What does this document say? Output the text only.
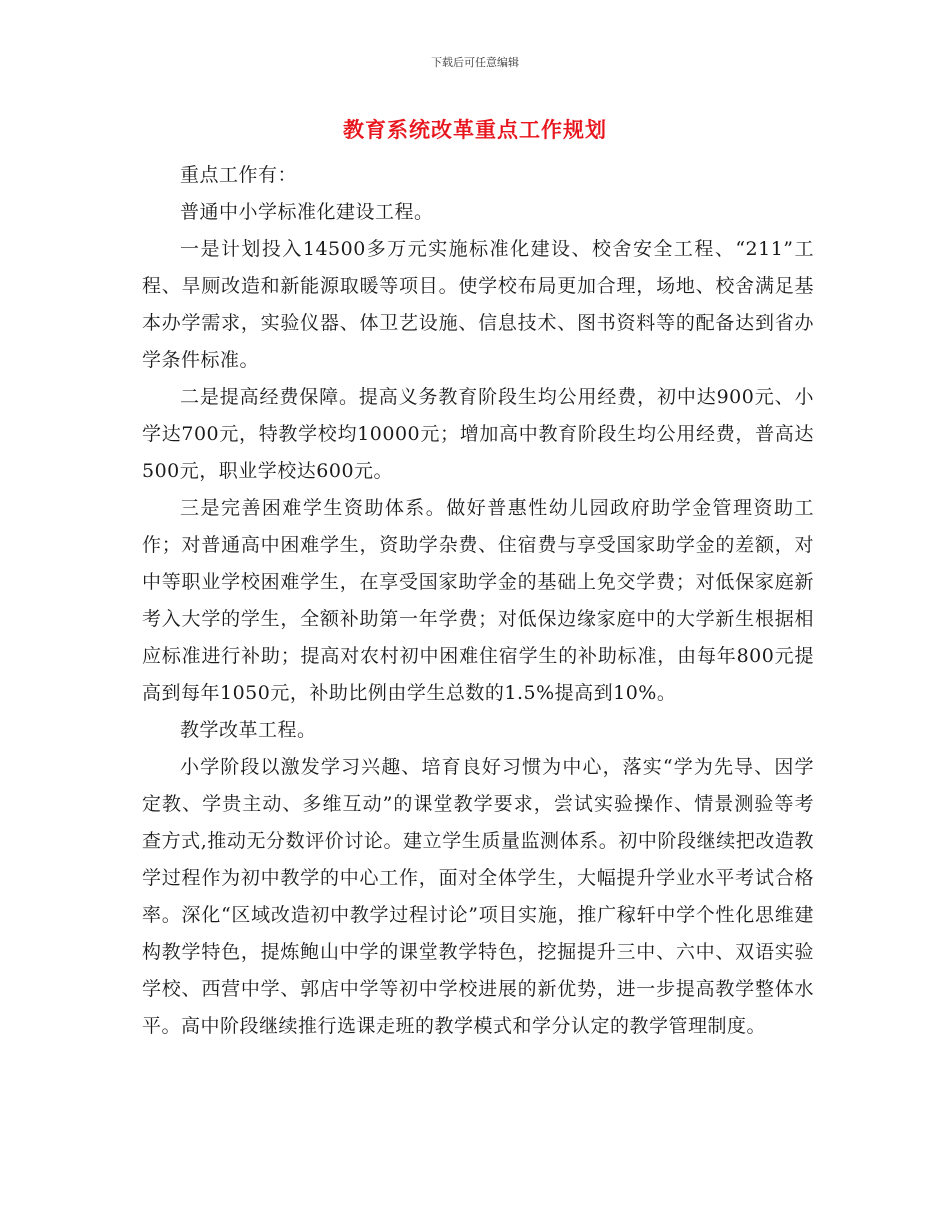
下载后可任意编辑
教育系统改革重点工作规划

重点工作有：

普通中小学标准化建设工程。

一是计划投入14500多万元实施标准化建设、校舍安全工程、“211”工程、旱厕改造和新能源取暖等项目。使学校布局更加合理，场地、校舍满足基本办学需求，实验仪器、体卫艺设施、信息技术、图书资料等的配备达到省办学条件标准。

二是提高经费保障。提高义务教育阶段生均公用经费，初中达900元、小学达700元，特教学校均10000元；增加高中教育阶段生均公用经费，普高达500元，职业学校达600元。

三是完善困难学生资助体系。做好普惠性幼儿园政府助学金管理资助工作；对普通高中困难学生，资助学杂费、住宿费与享受国家助学金的差额，对中等职业学校困难学生，在享受国家助学金的基础上免交学费；对低保家庭新考入大学的学生，全额补助第一年学费；对低保边缘家庭中的大学新生根据相应标准进行补助；提高对农村初中困难住宿学生的补助标准，由每年800元提高到每年1050元，补助比例由学生总数的1.5%提高到10%。

教学改革工程。

小学阶段以激发学习兴趣、培育良好习惯为中心，落实“学为先导、因学定教、学贵主动、多维互动”的课堂教学要求，尝试实验操作、情景测验等考查方式,推动无分数评价讨论。建立学生质量监测体系。初中阶段继续把改造教学过程作为初中教学的中心工作，面对全体学生，大幅提升学业水平考试合格率。深化“区域改造初中教学过程讨论”项目实施，推广稼轩中学个性化思维建构教学特色，提炼鲍山中学的课堂教学特色，挖掘提升三中、六中、双语实验学校、西营中学、郭店中学等初中学校进展的新优势，进一步提高教学整体水平。高中阶段继续推行选课走班的教学模式和学分认定的教学管理制度。
